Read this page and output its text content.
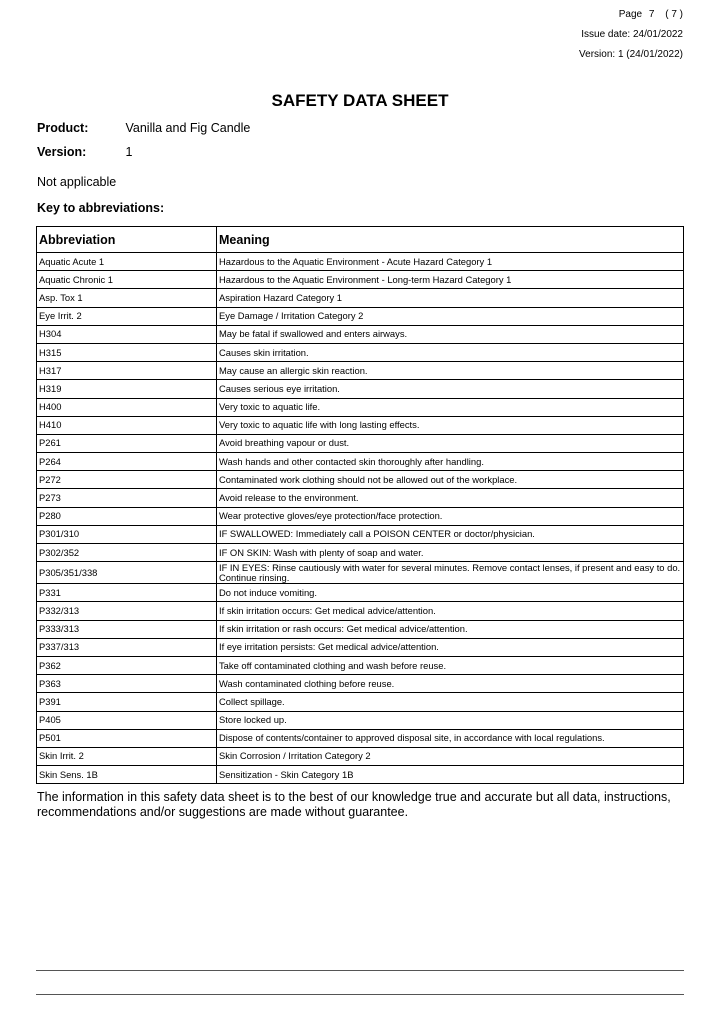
Page 7 ( 7 )
Issue date: 24/01/2022
Version: 1 (24/01/2022)
SAFETY DATA SHEET
Product:	Vanilla and Fig Candle
Version:	1
Not applicable
Key to abbreviations:
Abbreviation	Meaning
Aquatic Acute 1	Hazardous to the Aquatic Environment - Acute Hazard Category 1
Aquatic Chronic 1	Hazardous to the Aquatic Environment - Long-term Hazard Category 1
Asp. Tox 1	Aspiration Hazard Category 1
Eye Irrit. 2	Eye Damage / Irritation Category 2
H304	May be fatal if swallowed and enters airways.
H315	Causes skin irritation.
H317	May cause an allergic skin reaction.
H319	Causes serious eye irritation.
H400	Very toxic to aquatic life.
H410	Very toxic to aquatic life with long lasting effects.
P261	Avoid breathing vapour or dust.
P264	Wash hands and other contacted skin thoroughly after handling.
P272	Contaminated work clothing should not be allowed out of the workplace.
P273	Avoid release to the environment.
P280	Wear protective gloves/eye protection/face protection.
P301/310	IF SWALLOWED: Immediately call a POISON CENTER or doctor/physician.
P302/352	IF ON SKIN: Wash with plenty of soap and water.
P305/351/338	IF IN EYES: Rinse cautiously with water for several minutes. Remove contact lenses, if present and easy to do. Continue rinsing.
P331	Do not induce vomiting.
P332/313	If skin irritation occurs: Get medical advice/attention.
P333/313	If skin irritation or rash occurs: Get medical advice/attention.
P337/313	If eye irritation persists: Get medical advice/attention.
P362	Take off contaminated clothing and wash before reuse.
P363	Wash contaminated clothing before reuse.
P391	Collect spillage.
P405	Store locked up.
P501	Dispose of contents/container to approved disposal site, in accordance with local regulations.
Skin Irrit. 2	Skin Corrosion / Irritation Category 2
Skin Sens. 1B	Sensitization - Skin Category 1B
The information in this safety data sheet is to the best of our knowledge true and accurate but all data, instructions, recommendations and/or suggestions are made without guarantee.
